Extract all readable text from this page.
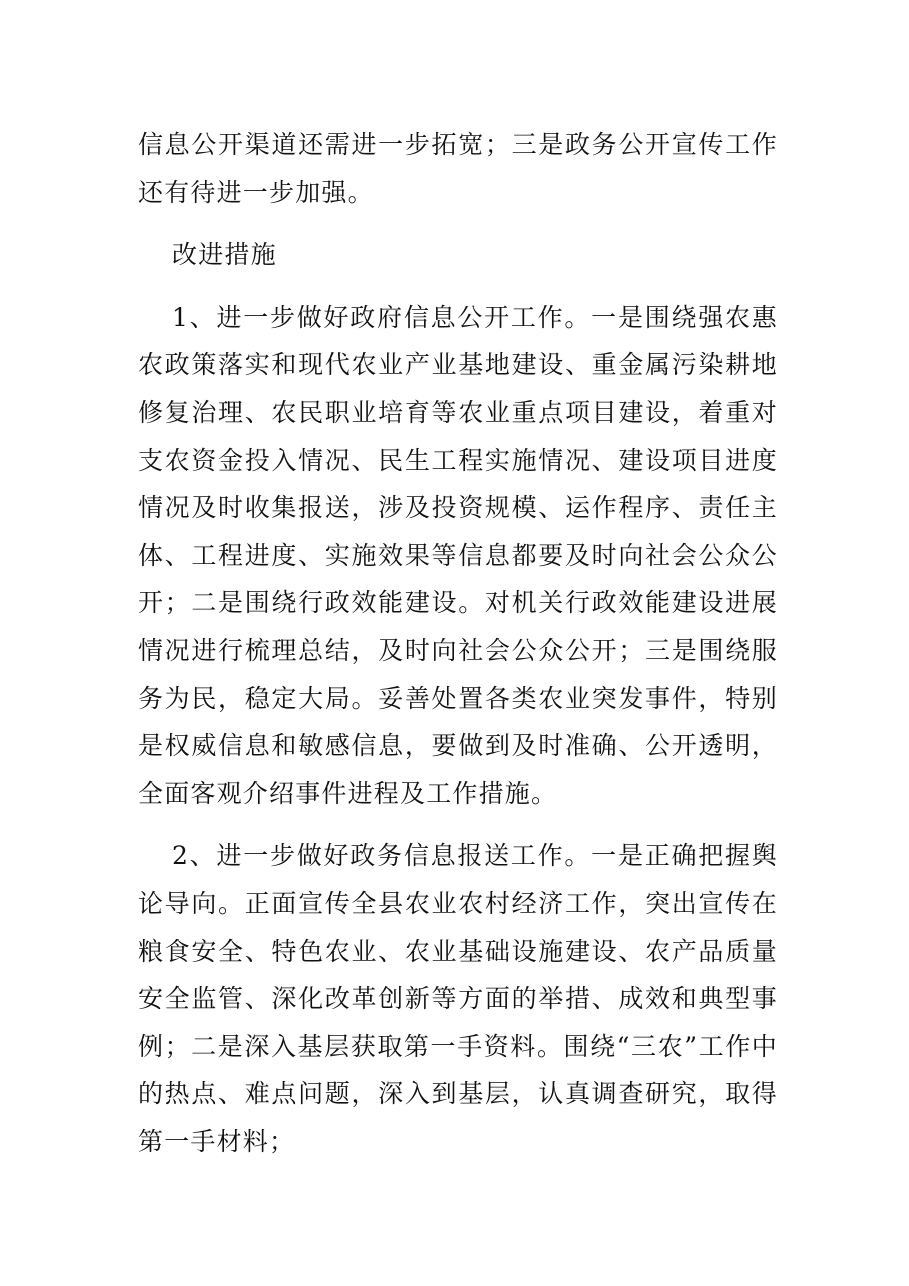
信息公开渠道还需进一步拓宽；三是政务公开宣传工作还有待进一步加强。

改进措施

1、进一步做好政府信息公开工作。一是围绕强农惠农政策落实和现代农业产业基地建设、重金属污染耕地修复治理、农民职业培育等农业重点项目建设，着重对支农资金投入情况、民生工程实施情况、建设项目进度情况及时收集报送，涉及投资规模、运作程序、责任主体、工程进度、实施效果等信息都要及时向社会公众公开；二是围绕行政效能建设。对机关行政效能建设进展情况进行梳理总结，及时向社会公众公开；三是围绕服务为民，稳定大局。妥善处置各类农业突发事件，特别是权威信息和敏感信息，要做到及时准确、公开透明，全面客观介绍事件进程及工作措施。

2、进一步做好政务信息报送工作。一是正确把握舆论导向。正面宣传全县农业农村经济工作，突出宣传在粮食安全、特色农业、农业基础设施建设、农产品质量安全监管、深化改革创新等方面的举措、成效和典型事例；二是深入基层获取第一手资料。围绕“三农”工作中的热点、难点问题，深入到基层，认真调查研究，取得第一手材料；
